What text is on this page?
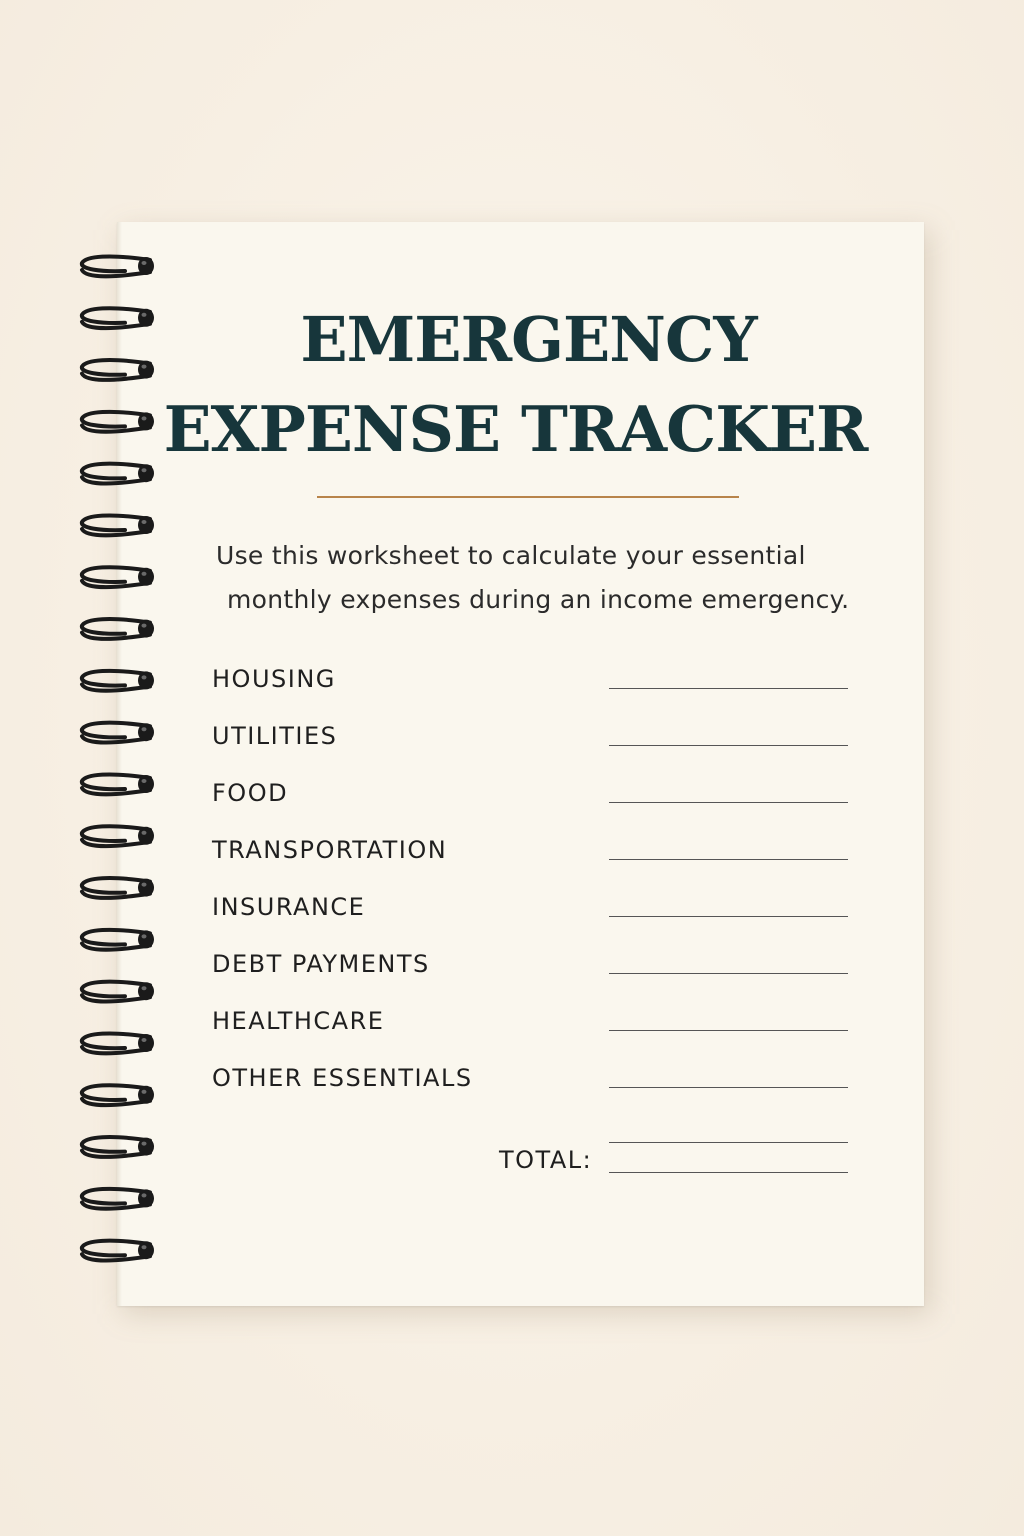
EMERGENCY
EXPENSE TRACKER

Use this worksheet to calculate your essential

monthly expenses during an income emergency.

HOUSING
UTILITIES
FOOD
TRANSPORTATION
INSURANCE
DEBT PAYMENTS
HEALTHCARE
OTHER ESSENTIALS
TOTAL:
